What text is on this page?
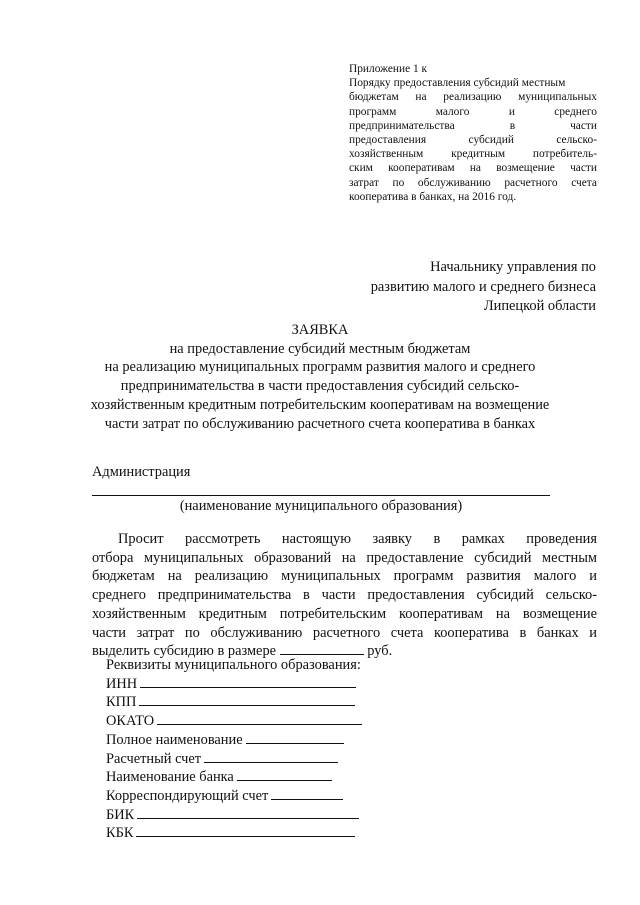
Приложение 1 к
Порядку предоставления субсидий местным
бюджетам на реализацию муниципальных
программ малого и среднего
предпринимательства в части
предоставления субсидий сельско-
хозяйственным кредитным потребитель-
ским кооперативам на возмещение части
затрат по обслуживанию расчетного счета
кооператива в банках, на 2016 год.
Начальнику управления по
развитию малого и среднего бизнеса
Липецкой области
ЗАЯВКА
на предоставление субсидий местным бюджетам
на реализацию муниципальных программ развития малого и среднего
предпринимательства в части предоставления субсидий сельско-
хозяйственным кредитным потребительским кооперативам на возмещение
части затрат по обслуживанию расчетного счета кооператива в банках
Администрация
(наименование муниципального образования)
Просит рассмотреть настоящую заявку в рамках проведения
отбора муниципальных образований на предоставление субсидий местным
бюджетам на реализацию муниципальных программ развития малого и
среднего предпринимательства в части предоставления субсидий сельско-
хозяйственным кредитным потребительским кооперативам на возмещение
части затрат по обслуживанию расчетного счета кооператива в банках и
выделить субсидию в размере	руб.
Реквизиты муниципального образования:
ИНН
КПП
ОКАТО
Полное наименование
Расчетный счет
Наименование банка
Корреспондирующий счет
БИК
КБК
